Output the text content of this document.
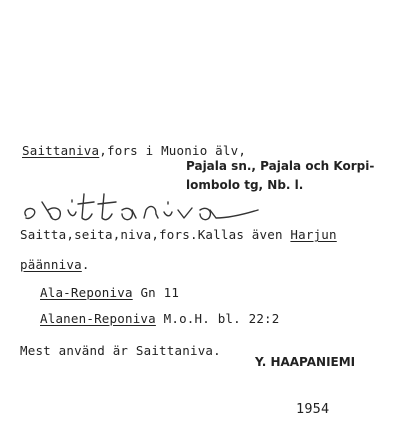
Saittaniva,fors i Muonio älv,
Pajala sn., Pajala och Korpi-
lombolo tg, Nb. l.
Saitta,seita,niva,fors.Kallas även Harjun
päänniva.
Ala-Reponiva Gn 11
Alanen-Reponiva M.o.H. bl. 22:2
Mest använd är Saittaniva.
Y. HAAPANIEMI
1954
